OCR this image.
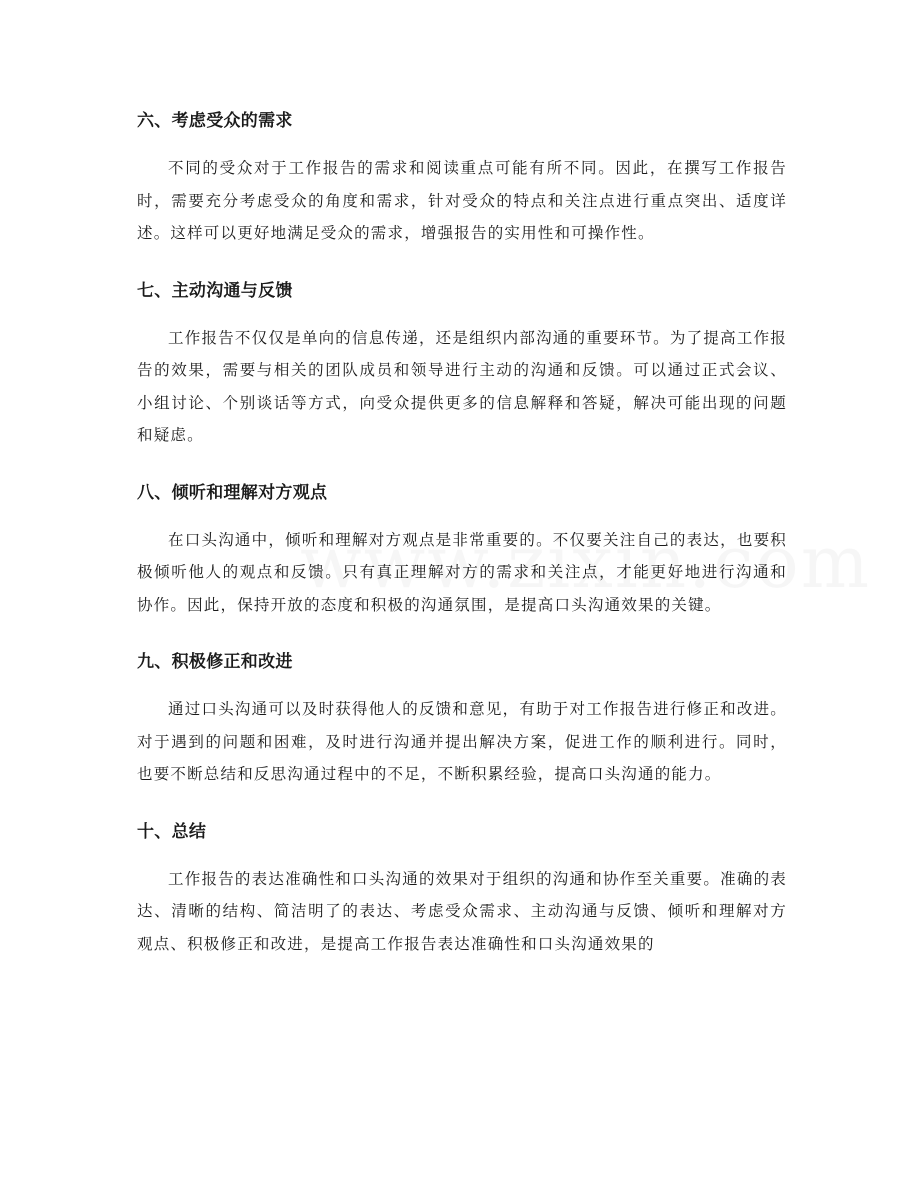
六、考虑受众的需求

不同的受众对于工作报告的需求和阅读重点可能有所不同。因此，在撰写工作报告时，需要充分考虑受众的角度和需求，针对受众的特点和关注点进行重点突出、适度详述。这样可以更好地满足受众的需求，增强报告的实用性和可操作性。

七、主动沟通与反馈

工作报告不仅仅是单向的信息传递，还是组织内部沟通的重要环节。为了提高工作报告的效果，需要与相关的团队成员和领导进行主动的沟通和反馈。可以通过正式会议、小组讨论、个别谈话等方式，向受众提供更多的信息解释和答疑，解决可能出现的问题和疑虑。

八、倾听和理解对方观点

在口头沟通中，倾听和理解对方观点是非常重要的。不仅要关注自己的表达，也要积极倾听他人的观点和反馈。只有真正理解对方的需求和关注点，才能更好地进行沟通和协作。因此，保持开放的态度和积极的沟通氛围，是提高口头沟通效果的关键。

九、积极修正和改进

通过口头沟通可以及时获得他人的反馈和意见，有助于对工作报告进行修正和改进。对于遇到的问题和困难，及时进行沟通并提出解决方案，促进工作的顺利进行。同时，也要不断总结和反思沟通过程中的不足，不断积累经验，提高口头沟通的能力。

十、总结

工作报告的表达准确性和口头沟通的效果对于组织的沟通和协作至关重要。准确的表达、清晰的结构、简洁明了的表达、考虑受众需求、主动沟通与反馈、倾听和理解对方观点、积极修正和改进，是提高工作报告表达准确性和口头沟通效果的
